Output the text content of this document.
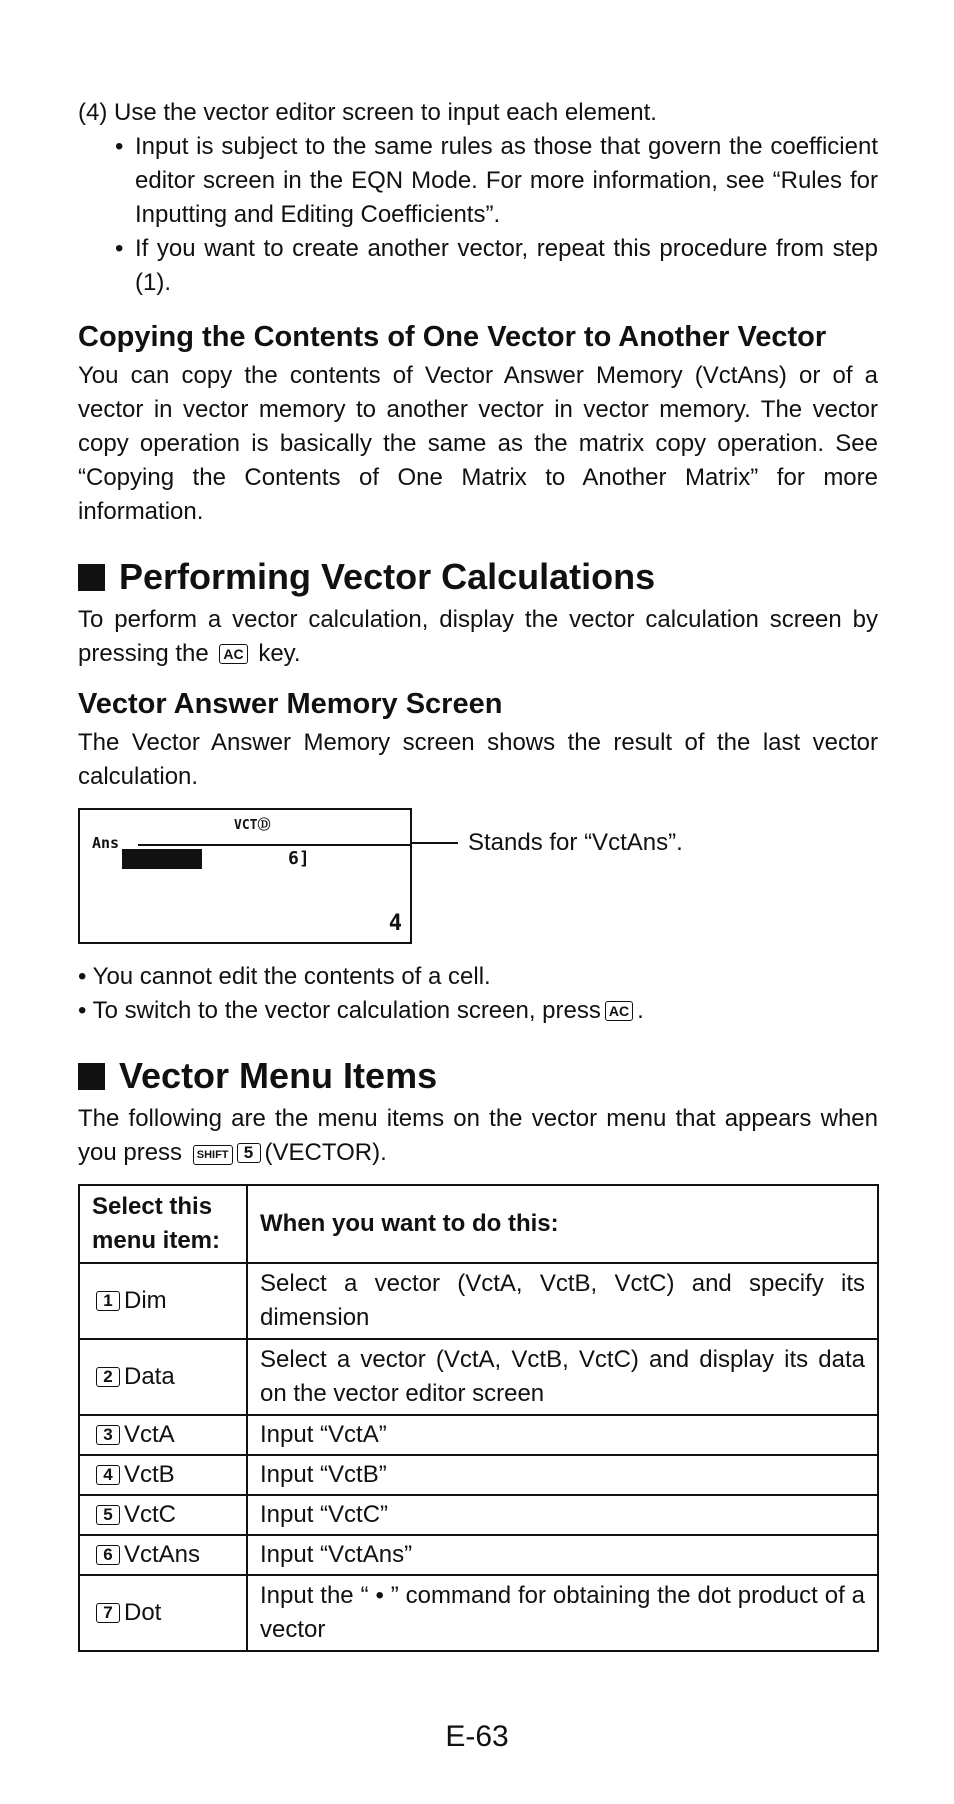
(4) Use the vector editor screen to input each element.
• Input is subject to the same rules as those that govern the coefficient editor screen in the EQN Mode. For more information, see “Rules for Inputting and Editing Coefficients”.
• If you want to create another vector, repeat this procedure from step (1).
Copying the Contents of One Vector to Another Vector

You can copy the contents of Vector Answer Memory (VctAns) or of a vector in vector memory to another vector in vector memory. The vector copy operation is basically the same as the matrix copy operation. See “Copying the Contents of One Matrix to Another Matrix” for more information.

Performing Vector Calculations

To perform a vector calculation, display the vector calculation screen by pressing the AC key.

Vector Answer Memory Screen

The Vector Answer Memory screen shows the result of the last vector calculation.

VCTⒹ
Ans
6]
4
Stands for “VctAns”.
• You cannot edit the contents of a cell.
• To switch to the vector calculation screen, press AC .
Vector Menu Items

The following are the menu items on the vector menu that appears when you press SHIFT 5 (VECTOR).

Select this menu item:	When you want to do this:
1 Dim	Select a vector (VctA, VctB, VctC) and specify its dimension
2 Data	Select a vector (VctA, VctB, VctC) and display its data on the vector editor screen
3 VctA	Input “VctA”
4 VctB	Input “VctB”
5 VctC	Input “VctC”
6 VctAns	Input “VctAns”
7 Dot	Input the “ • ” command for obtaining the dot product of a vector
E-63
